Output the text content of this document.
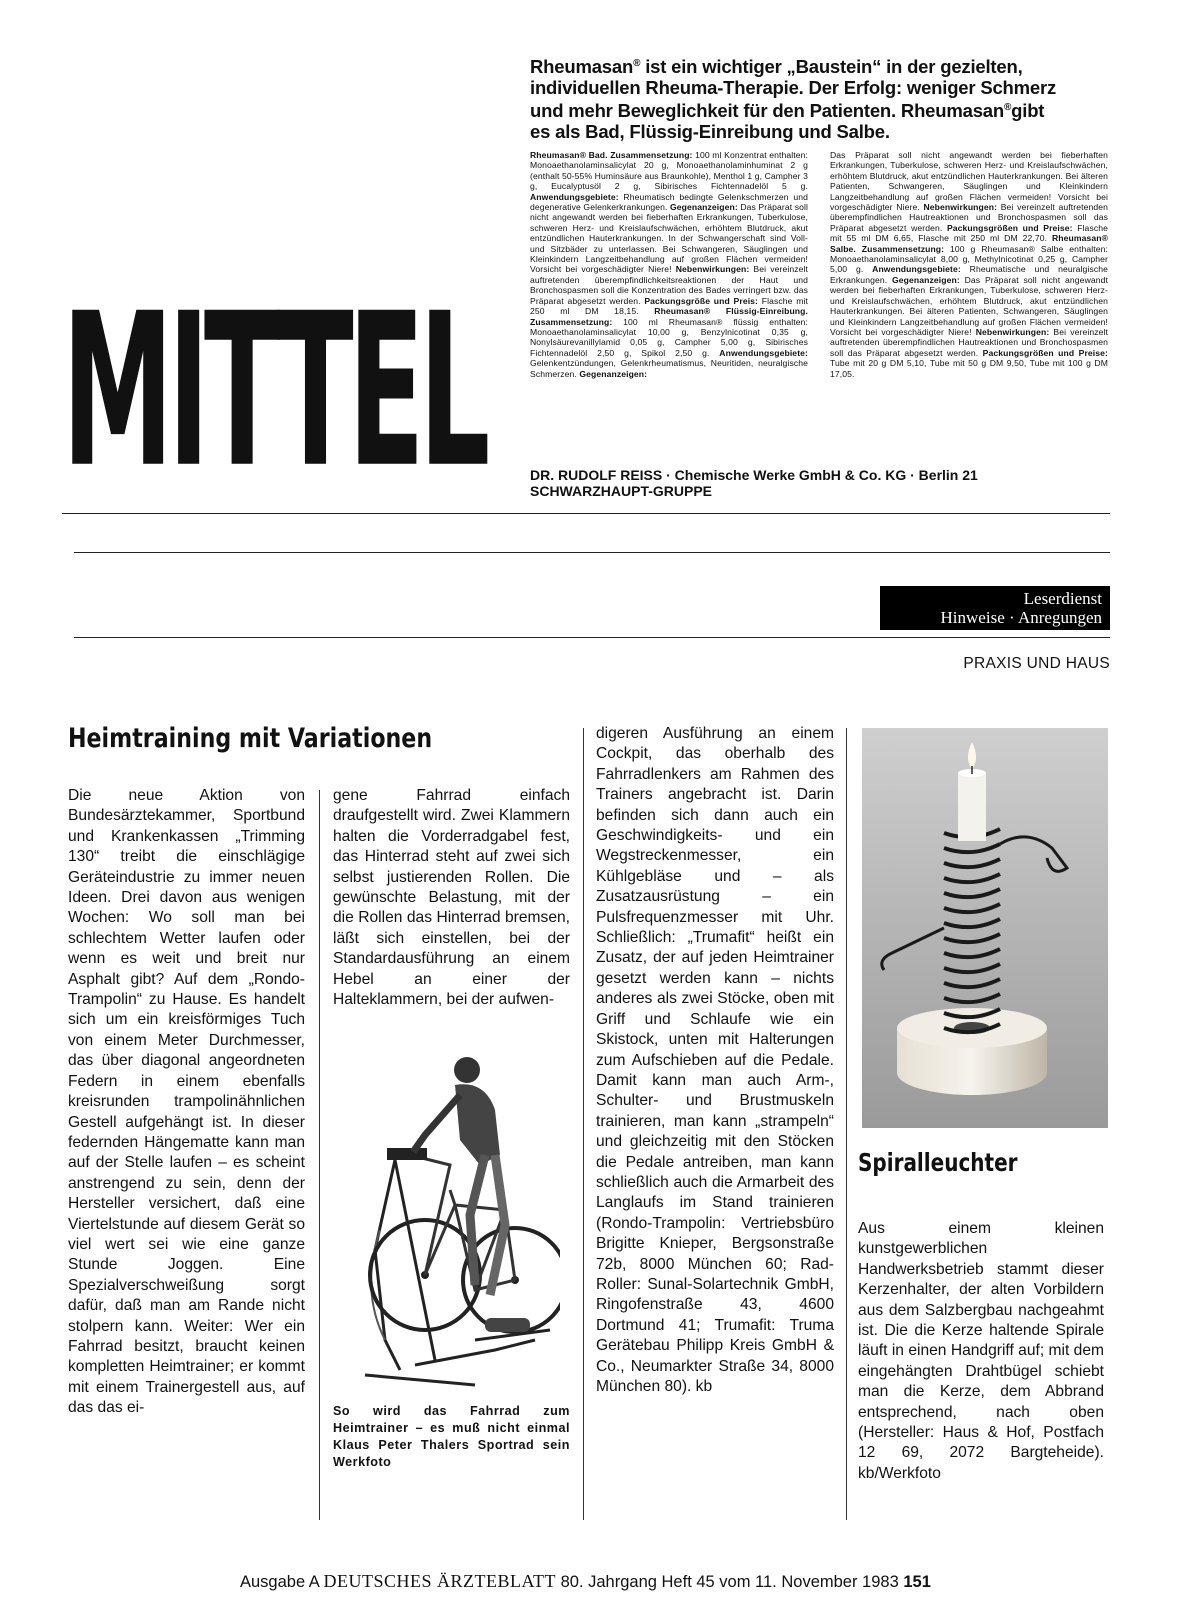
Rheumasan® ist ein wichtiger „Baustein“ in der gezielten,
individuellen Rheuma-Therapie. Der Erfolg: weniger Schmerz
und mehr Beweglichkeit für den Patienten. Rheumasan®gibt
es als Bad, Flüssig-Einreibung und Salbe.
MITTEL
Rheumasan® Bad. Zusammensetzung: 100 ml Konzentrat enthalten: Monoaethanolaminsalicylat 20 g, Monoaethanolaminhuminat 2 g (enthalt 50-55% Huminsäure aus Braunkohle), Menthol 1 g, Campher 3 g, Eucalyptusöl 2 g, Sibirisches Fichtennadelöl 5 g. Anwendungsgebiete: Rheumatisch bedingte Gelenkschmerzen und degenerative Gelenkerkrankungen. Gegenanzeigen: Das Präparat soll nicht angewandt werden bei fieberhaften Erkrankungen, Tuberkulose, schweren Herz- und Kreislaufschwächen, erhöhtem Blutdruck, akut entzündlichen Hauterkrankungen. In der Schwangerschaft sind Voll- und Sitzbäder zu unterlassen. Bei Schwangeren, Säuglingen und Kleinkindern Langzeitbehandlung auf großen Flächen vermeiden! Vorsicht bei vorgeschädigter Niere! Nebenwirkungen: Bei vereinzelt auftretenden überempfindlichkeitsreaktionen der Haut und Bronchospasmen soll die Konzentration des Bades verringert bzw. das Präparat abgesetzt werden. Packungsgröße und Preis: Flasche mit 250 ml DM 18,15. Rheumasan® Flüssig-Einreibung. Zusammensetzung: 100 ml Rheumasan® flüssig enthalten: Monoaethanolaminsalicylat 10,00 g, Benzylnicotinat 0,35 g, Nonylsäurevanillylamid 0,05 g, Campher 5,00 g, Sibirisches Fichtennadelöl 2,50 g, Spikol 2,50 g. Anwendungsgebiete: Gelenkentzündungen, Gelenkrheumatismus, Neuritiden, neuralgische Schmerzen. Gegenanzeigen:
Das Präparat soll nicht angewandt werden bei fieberhaften Erkrankungen, Tuberkulose, schweren Herz- und Kreislaufschwächen, erhöhtem Blutdruck, akut entzündlichen Hauterkrankungen. Bei älteren Patienten, Schwangeren, Säuglingen und Kleinkindern Langzeitbehandlung auf großen Flächen vermeiden! Vorsicht bei vorgeschädigter Niere. Nebenwirkungen: Bei vereinzelt auftretenden überempfindlichen Hautreaktionen und Bronchospasmen soll das Präparat abgesetzt werden. Packungsgrößen und Preise: Flasche mit 55 ml DM 6,65, Flasche mit 250 ml DM 22,70. Rheumasan® Salbe. Zusammensetzung: 100 g Rheumasan® Salbe enthalten: Monoaethanolaminsalicylat 8,00 g, Methylnicotinat 0,25 g, Campher 5,00 g. Anwendungsgebiete: Rheumatische und neuralgische Erkrankungen. Gegenanzeigen: Das Präparat soll nicht angewandt werden bei fieberhaften Erkrankungen, Tuberkulose, schweren Herz- und Kreislaufschwächen, erhöhtem Blutdruck, akut entzündlichen Hauterkrankungen. Bei älteren Patienten, Schwangeren, Säuglingen und Kleinkindern Langzeitbehandlung auf großen Flächen vermeiden! Vorsicht bei vorgeschädigter Niere! Nebenwirkungen: Bei vereinzelt auftretenden überempfindlichen Hautreaktionen und Bronchospasmen soll das Präparat abgesetzt werden. Packungsgrößen und Preise: Tube mit 20 g DM 5,10, Tube mit 50 g DM 9,50, Tube mit 100 g DM 17,05.
DR. RUDOLF REISS · Chemische Werke GmbH & Co. KG · Berlin 21
SCHWARZHAUPT-GRUPPE
Leserdienst
Hinweise · Anregungen
PRAXIS UND HAUS
Heimtraining mit Variationen
Die neue Aktion von Bundesärztekammer, Sportbund und Krankenkassen „Trimming 130“ treibt die einschlägige Geräteindustrie zu immer neuen Ideen. Drei davon aus wenigen Wochen: Wo soll man bei schlechtem Wetter laufen oder wenn es weit und breit nur Asphalt gibt? Auf dem „Rondo-Trampolin“ zu Hause. Es handelt sich um ein kreisförmiges Tuch von einem Meter Durchmesser, das über diagonal angeordneten Federn in einem ebenfalls kreisrunden trampolinähnlichen Gestell aufgehängt ist. In dieser federnden Hängematte kann man auf der Stelle laufen – es scheint anstrengend zu sein, denn der Hersteller versichert, daß eine Viertelstunde auf diesem Gerät so viel wert sei wie eine ganze Stunde Joggen. Eine Spezialverschweißung sorgt dafür, daß man am Rande nicht stolpern kann. Weiter: Wer ein Fahrrad besitzt, braucht keinen kompletten Heimtrainer; er kommt mit einem Trainergestell aus, auf das das ei-
gene Fahrrad einfach draufgestellt wird. Zwei Klammern halten die Vorderradgabel fest, das Hinterrad steht auf zwei sich selbst justierenden Rollen. Die gewünschte Belastung, mit der die Rollen das Hinterrad bremsen, läßt sich einstellen, bei der Standardausführung an einem Hebel an einer der Halteklammern, bei der aufwen-
digeren Ausführung an einem Cockpit, das oberhalb des Fahrradlenkers am Rahmen des Trainers angebracht ist. Darin befinden sich dann auch ein Geschwindigkeits- und ein Wegstreckenmesser, ein Kühlgebläse und – als Zusatzausrüstung – ein Pulsfrequenzmesser mit Uhr. Schließlich: „Trumafit“ heißt ein Zusatz, der auf jeden Heimtrainer gesetzt werden kann – nichts anderes als zwei Stöcke, oben mit Griff und Schlaufe wie ein Skistock, unten mit Halterungen zum Aufschieben auf die Pedale. Damit kann man auch Arm-, Schulter- und Brustmuskeln trainieren, man kann „strampeln“ und gleichzeitig mit den Stöcken die Pedale antreiben, man kann schließlich auch die Armarbeit des Langlaufs im Stand trainieren (Rondo-Trampolin: Vertriebsbüro Brigitte Knieper, Bergsonstraße 72b, 8000 München 60; Rad-Roller: Sunal-Solartechnik GmbH, Ringofenstraße 43, 4600 Dortmund 41; Trumafit: Truma Gerätebau Philipp Kreis GmbH & Co., Neumarkter Straße 34, 8000 München 80). kb
So wird das Fahrrad zum Heimtrainer – es muß nicht einmal Klaus Peter Thalers Sportrad sein Werkfoto
Spiralleuchter
Aus einem kleinen kunstgewerblichen Handwerksbetrieb stammt dieser Kerzenhalter, der alten Vorbildern aus dem Salzbergbau nachgeahmt ist. Die die Kerze haltende Spirale läuft in einen Handgriff auf; mit dem eingehängten Drahtbügel schiebt man die Kerze, dem Abbrand entsprechend, nach oben (Hersteller: Haus & Hof, Postfach 12 69, 2072 Bargteheide). kb/Werkfoto
Ausgabe A DEUTSCHES ÄRZTEBLATT 80. Jahrgang Heft 45 vom 11. November 1983 151
